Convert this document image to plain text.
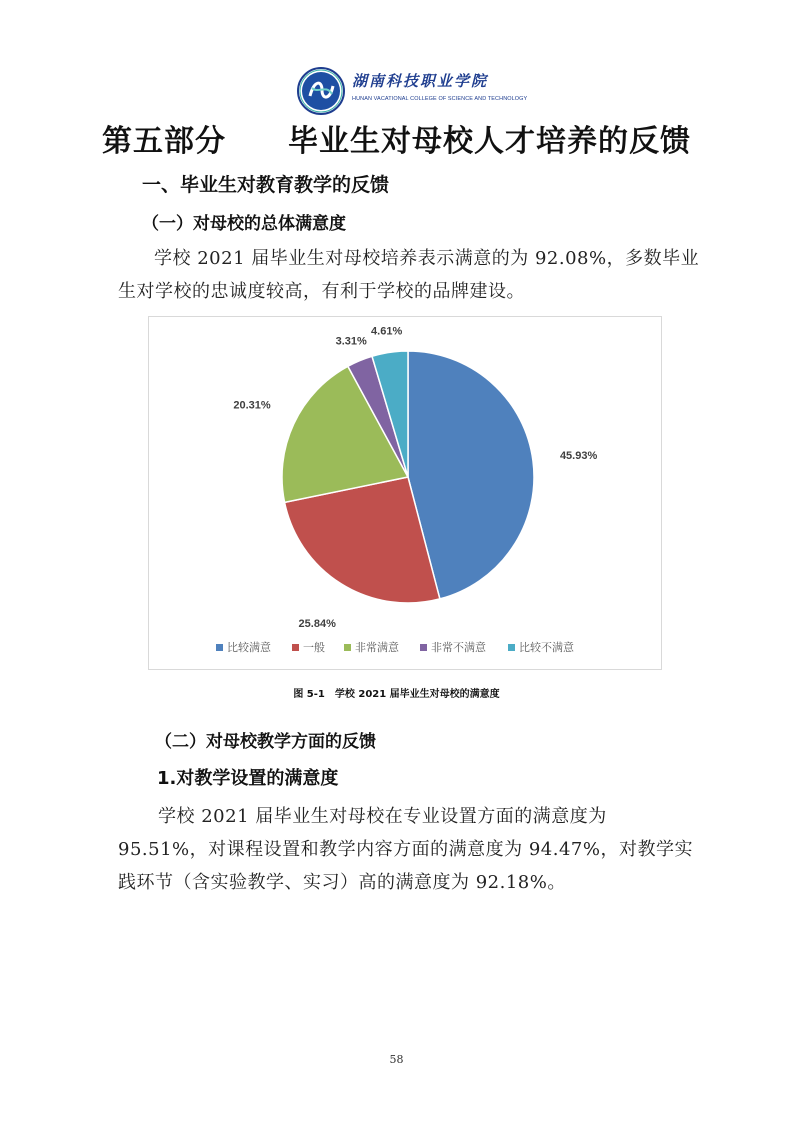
湖南科技职业学院
HUNAN VACATIONAL COLLEGE OF SCIENCE AND TECHNOLOGY
第五部分　　毕业生对母校人才培养的反馈
一、毕业生对教育教学的反馈
（一）对母校的总体满意度
学校 2021 届毕业生对母校培养表示满意的为 92.08%，多数毕业生对学校的忠诚度较高，有利于学校的品牌建设。
45.93%
25.84%
20.31%
3.31%
4.61%
比较满意	一般	非常满意	非常不满意	比较不满意
图 5-1　学校 2021 届毕业生对母校的满意度
（二）对母校教学方面的反馈
1.对教学设置的满意度
学校 2021 届毕业生对母校在专业设置方面的满意度为 95.51%，对课程设置和教学内容方面的满意度为 94.47%，对教学实践环节（含实验教学、实习）高的满意度为 92.18%。
58
